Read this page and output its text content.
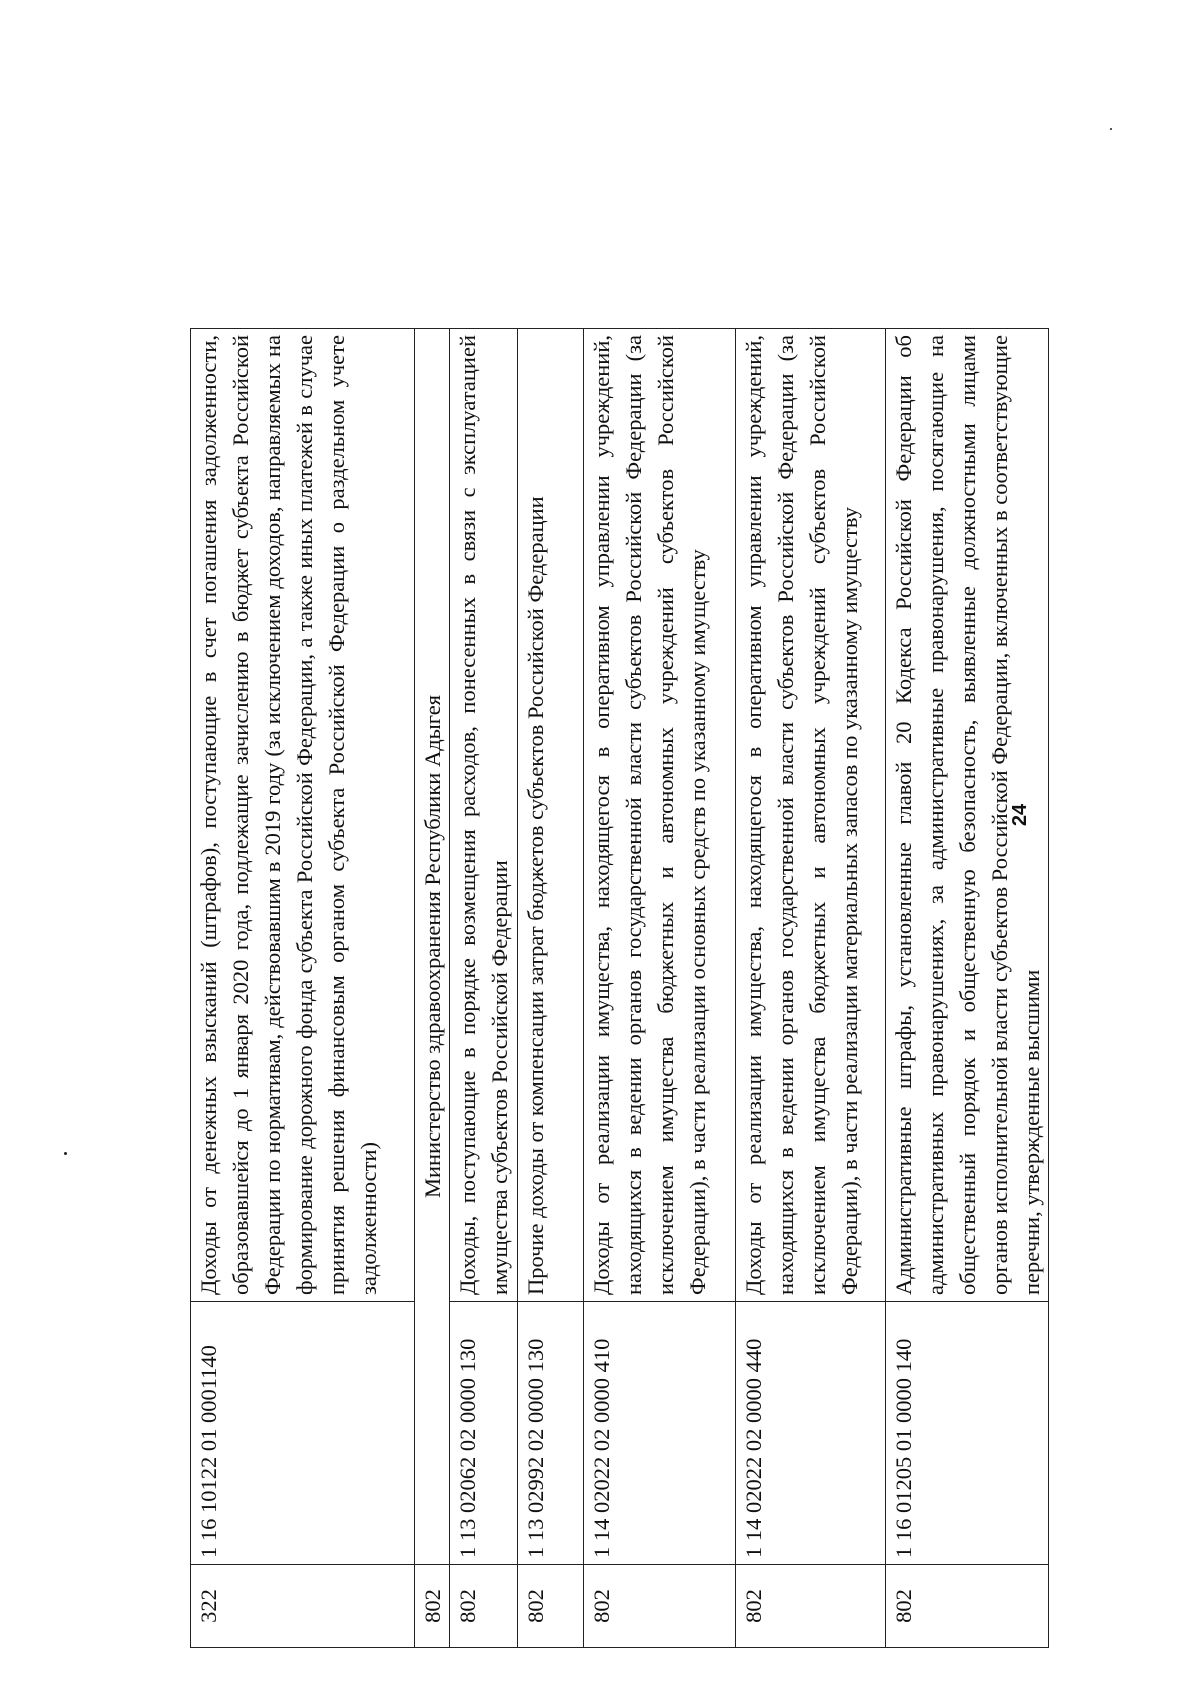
322	1 16 10122 01 0001140	Доходы от денежных взысканий (штрафов), поступающие в счет погашения задолженности, образовавшейся до 1 января 2020 года, подлежащие зачислению в бюджет субъекта Российской Федерации по нормативам, действовавшим в 2019 году (за исключением доходов, направляемых на формирование дорожного фонда субъекта Российской Федерации, а также иных платежей в случае принятия решения финансовым органом субъекта Российской Федерации о раздельном учете задолженности)

802	Министерство здравоохранения Республики Адыгея	
802	1 13 02062 02 0000 130	Доходы, поступающие в порядке возмещения расходов, понесенных в связи с эксплуатацией имущества субъектов Российской Федерации

802	1 13 02992 02 0000 130	Прочие доходы от компенсации затрат бюджетов субъектов Российской Федерации

802	1 14 02022 02 0000 410	Доходы от реализации имущества, находящегося в оперативном управлении учреждений, находящихся в ведении органов государственной власти субъектов Российской Федерации (за исключением имущества бюджетных и автономных учреждений субъектов Российской Федерации), в части реализации основных средств по указанному имуществу

802	1 14 02022 02 0000 440	Доходы от реализации имущества, находящегося в оперативном управлении учреждений, находящихся в ведении органов государственной власти субъектов Российской Федерации (за исключением имущества бюджетных и автономных учреждений субъектов Российской Федерации), в части реализации материальных запасов по указанному имуществу

802	1 16 01205 01 0000 140	Административные штрафы, установленные главой 20 Кодекса Российской Федерации об административных правонарушениях, за административные правонарушения, посягающие на общественный порядок и общественную безопасность, выявленные должностными лицами органов исполнительной власти субъектов Российской Федерации, включенных в соответствующие перечни, утвержденные высшими
24
